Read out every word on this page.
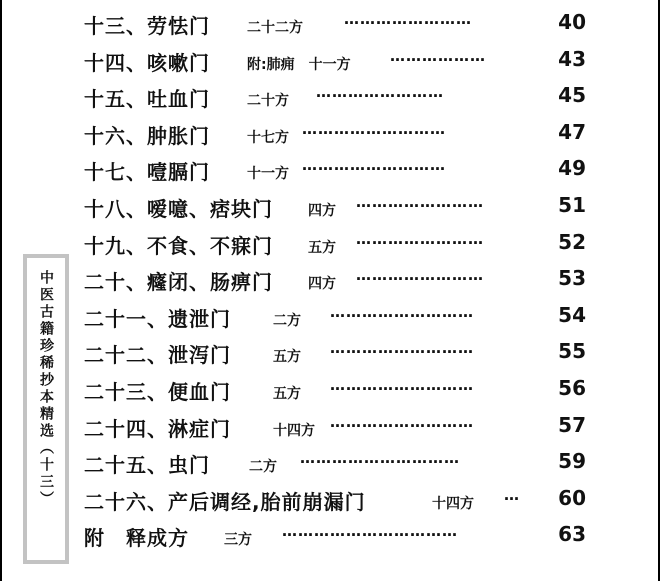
十三、劳怯门	二十二方	……………………	40
十四、咳嗽门	附:肺痈　十一方	………………	43
十五、吐血门	二十方 ……………………	45
十六、肿胀门	十七方 ………………………	47
十七、噎膈门	十一方 ………………………	49
十八、嗳噫、痞块门	四方 ……………………	51
十九、不食、不寐门	五方 ……………………	52
二十、癃闭、肠痹门	四方 ……………………	53
二十一、遗泄门	二方 ………………………	54
二十二、泄泻门	五方 ………………………	55
二十三、便血门	五方 ………………………	56
二十四、淋症门	十四方 ………………………	57
二十五、虫门	二方 …………………………	59
二十六、产后调经,胎前崩漏门	十四方 …	60
附　释成方	三方 ……………………………	63
中医古籍珍稀抄本精选（十三）
